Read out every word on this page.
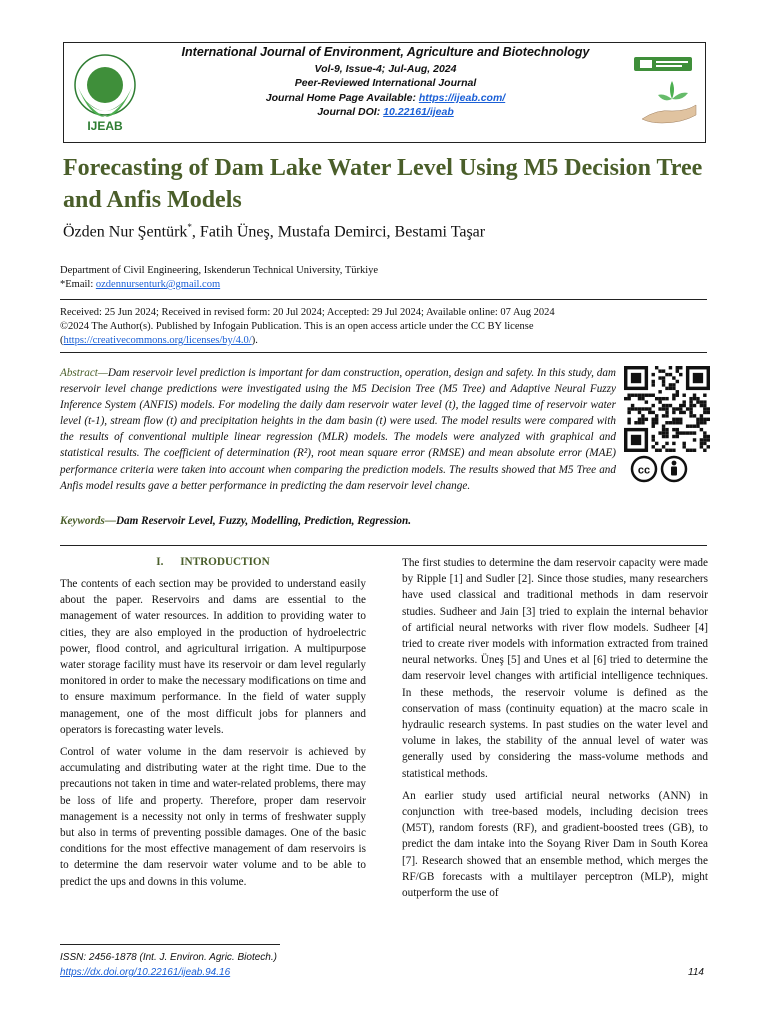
IJEAB
International Journal of Environment, Agriculture and Biotechnology
Vol-9, Issue-4; Jul-Aug, 2024
Peer-Reviewed International Journal
Journal Home Page Available: https://ijeab.com/
Journal DOI: 10.22161/ijeab
Forecasting of Dam Lake Water Level Using M5 Decision Tree and Anfis Models
Özden Nur Şentürk*, Fatih Üneş, Mustafa Demirci, Bestami Taşar
Department of Civil Engineering, Iskenderun Technical University, Türkiye
*Email: ozdennursenturk@gmail.com
Received: 25 Jun 2024; Received in revised form: 20 Jul 2024; Accepted: 29 Jul 2024; Available online: 07 Aug 2024
©2024 The Author(s). Published by Infogain Publication. This is an open access article under the CC BY license
(https://creativecommons.org/licenses/by/4.0/).
Abstract—Dam reservoir level prediction is important for dam construction, operation, design and safety. In this study, dam reservoir level change predictions were investigated using the M5 Decision Tree (M5 Tree) and Adaptive Neural Fuzzy Inference System (ANFIS) models. For modeling the daily dam reservoir water level (t), the lagged time of reservoir water level (t-1), stream flow (t) and precipitation heights in the dam basin (t) were used. The model results were compared with the results of conventional multiple linear regression (MLR) models. The models were analyzed with graphical and statistical results. The coefficient of determination (R²), root mean square error (RMSE) and mean absolute error (MAE) performance criteria were taken into account when comparing the prediction models. The results showed that M5 Tree and Anfis model results gave a better performance in predicting the dam reservoir level change.
cc
Keywords—Dam Reservoir Level, Fuzzy, Modelling, Prediction, Regression.
I.      INTRODUCTION

The contents of each section may be provided to understand easily about the paper. Reservoirs and dams are essential to the management of water resources. In addition to providing water to cities, they are also employed in the production of hydroelectric power, flood control, and agricultural irrigation. A multipurpose water storage facility must have its reservoir or dam level regularly monitored in order to make the necessary modifications on time and to ensure maximum performance. In the field of water supply management, one of the most difficult jobs for planners and operators is forecasting water levels.

Control of water volume in the dam reservoir is achieved by accumulating and distributing water at the right time. Due to the precautions not taken in time and water-related problems, there may be loss of life and property. Therefore, proper dam reservoir management is a necessity not only in terms of freshwater supply but also in terms of preventing possible damages. One of the basic conditions for the most effective management of dam reservoirs is to determine the dam reservoir water volume and to be able to predict the ups and downs in this volume.

The first studies to determine the dam reservoir capacity were made by Ripple [1] and Sudler [2]. Since those studies, many researchers have used classical and traditional methods in dam reservoir studies. Sudheer and Jain [3] tried to explain the internal behavior of artificial neural networks with river flow models. Sudheer [4] tried to create river models with information extracted from trained neural networks. Üneş [5] and Unes et al [6] tried to determine the dam reservoir level changes with artificial intelligence techniques. In these methods, the reservoir volume is defined as the conservation of mass (continuity equation) at the macro scale in hydraulic research systems. In past studies on the water level and volume in lakes, the stability of the annual level of water was generally used by considering the mass-volume methods and statistical methods.

An earlier study used artificial neural networks (ANN) in conjunction with tree-based models, including decision trees (M5T), random forests (RF), and gradient-boosted trees (GB), to predict the dam intake into the Soyang River Dam in South Korea [7]. Research showed that an ensemble method, which merges the RF/GB forecasts with a multilayer perceptron (MLP), might outperform the use of

ISSN: 2456-1878 (Int. J. Environ. Agric. Biotech.)
https://dx.doi.org/10.22161/ijeab.94.16	114
